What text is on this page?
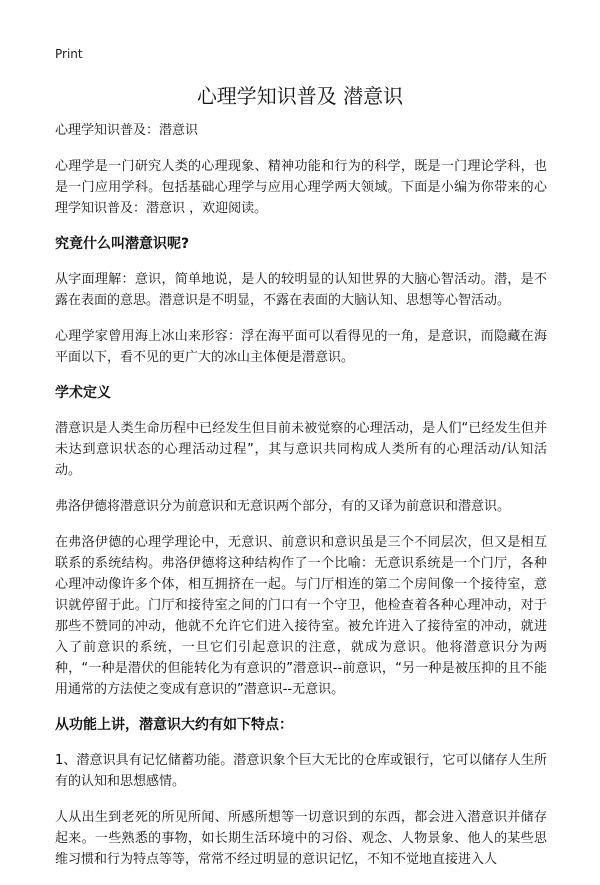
Print
心理学知识普及 潜意识

心理学知识普及：潜意识

心理学是一门研究人类的心理现象、精神功能和行为的科学，既是一门理论学科，也是一门应用学科。包括基础心理学与应用心理学两大领域。下面是小编为你带来的心理学知识普及：潜意识 ，欢迎阅读。

究竟什么叫潜意识呢?

从字面理解：意识，简单地说，是人的较明显的认知世界的大脑心智活动。潜，是不露在表面的意思。潜意识是不明显，不露在表面的大脑认知、思想等心智活动。

心理学家曾用海上冰山来形容：浮在海平面可以看得见的一角，是意识，而隐藏在海平面以下，看不见的更广大的冰山主体便是潜意识。

学术定义

潜意识是人类生命历程中已经发生但目前未被觉察的心理活动，是人们“已经发生但并未达到意识状态的心理活动过程”，其与意识共同构成人类所有的心理活动/认知活动。

弗洛伊德将潜意识分为前意识和无意识两个部分，有的又译为前意识和潜意识。

在弗洛伊德的心理学理论中，无意识、前意识和意识虽是三个不同层次，但又是相互联系的系统结构。弗洛伊德将这种结构作了一个比喻：无意识系统是一个门厅，各种心理冲动像许多个体，相互拥挤在一起。与门厅相连的第二个房间像一个接待室，意识就停留于此。门厅和接待室之间的门口有一个守卫，他检查着各种心理冲动，对于那些不赞同的冲动，他就不允许它们进入接待室。被允许进入了接待室的冲动，就进入了前意识的系统，一旦它们引起意识的注意，就成为意识。他将潜意识分为两种，“一种是潜伏的但能转化为有意识的”潜意识--前意识，“另一种是被压抑的且不能用通常的方法使之变成有意识的”潜意识--无意识。

从功能上讲，潜意识大约有如下特点：

1、潜意识具有记忆储蓄功能。潜意识象个巨大无比的仓库或银行，它可以储存人生所有的认知和思想感情。

人从出生到老死的所见所闻、所感所想等一切意识到的东西，都会进入潜意识并储存起来。一些熟悉的事物，如长期生活环境中的习俗、观念、人物景象、他人的某些思维习惯和行为特点等等，常常不经过明显的意识记忆，不知不觉地直接进入人
